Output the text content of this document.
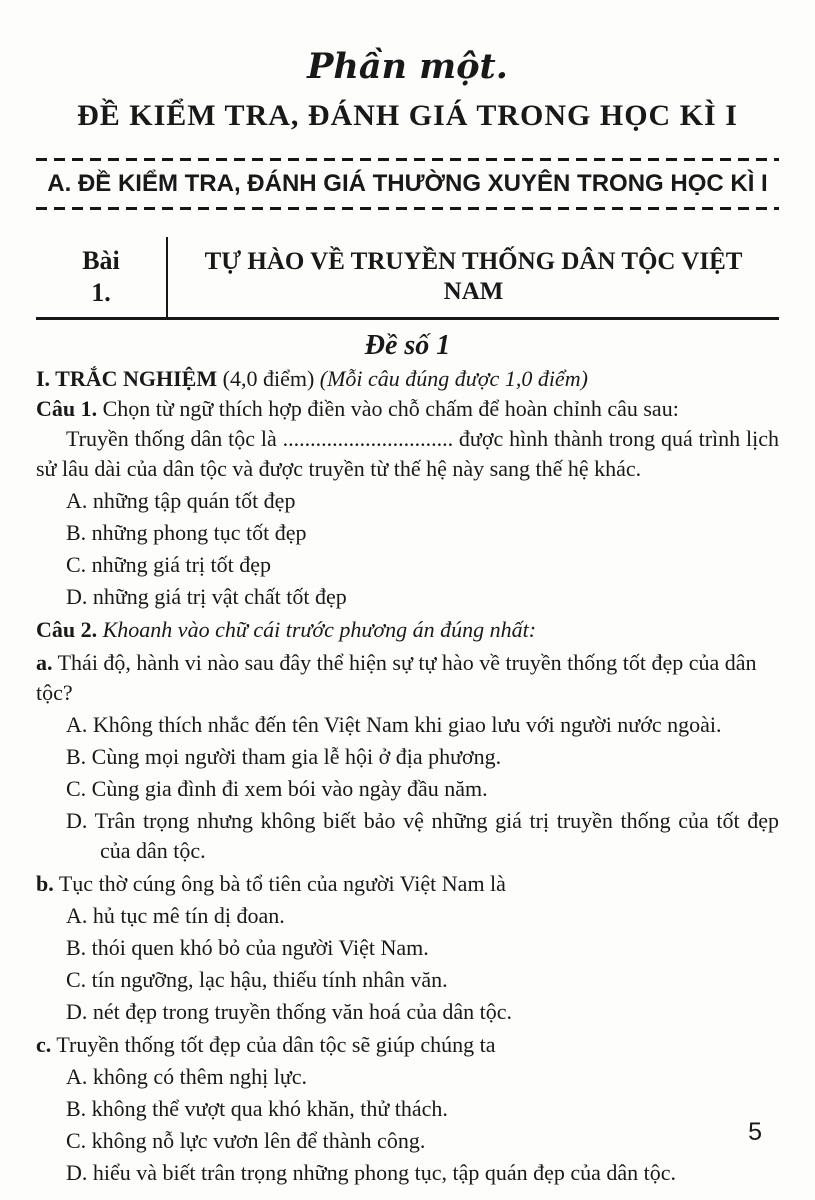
Phần một.
ĐỀ KIỂM TRA, ĐÁNH GIÁ TRONG HỌC KÌ I
A. ĐỀ KIỂM TRA, ĐÁNH GIÁ THƯỜNG XUYÊN TRONG HỌC KÌ I
Bài
1.
TỰ HÀO VỀ TRUYỀN THỐNG DÂN TỘC VIỆT NAM
Đề số 1

I. TRẮC NGHIỆM (4,0 điểm) (Mỗi câu đúng được 1,0 điểm)

Câu 1. Chọn từ ngữ thích hợp điền vào chỗ chấm để hoàn chỉnh câu sau:

Truyền thống dân tộc là ............................... được hình thành trong quá trình lịch sử lâu dài của dân tộc và được truyền từ thế hệ này sang thế hệ khác.

A. những tập quán tốt đẹp

B. những phong tục tốt đẹp

C. những giá trị tốt đẹp

D. những giá trị vật chất tốt đẹp

Câu 2. Khoanh vào chữ cái trước phương án đúng nhất:

a. Thái độ, hành vi nào sau đây thể hiện sự tự hào về truyền thống tốt đẹp của dân tộc?

A. Không thích nhắc đến tên Việt Nam khi giao lưu với người nước ngoài.

B. Cùng mọi người tham gia lễ hội ở địa phương.

C. Cùng gia đình đi xem bói vào ngày đầu năm.

D. Trân trọng nhưng không biết bảo vệ những giá trị truyền thống của tốt đẹp của dân tộc.

b. Tục thờ cúng ông bà tổ tiên của người Việt Nam là

A. hủ tục mê tín dị đoan.

B. thói quen khó bỏ của người Việt Nam.

C. tín ngưỡng, lạc hậu, thiếu tính nhân văn.

D. nét đẹp trong truyền thống văn hoá của dân tộc.

c. Truyền thống tốt đẹp của dân tộc sẽ giúp chúng ta

A. không có thêm nghị lực.

B. không thể vượt qua khó khăn, thử thách.

C. không nỗ lực vươn lên để thành công.

D. hiểu và biết trân trọng những phong tục, tập quán đẹp của dân tộc.

5
